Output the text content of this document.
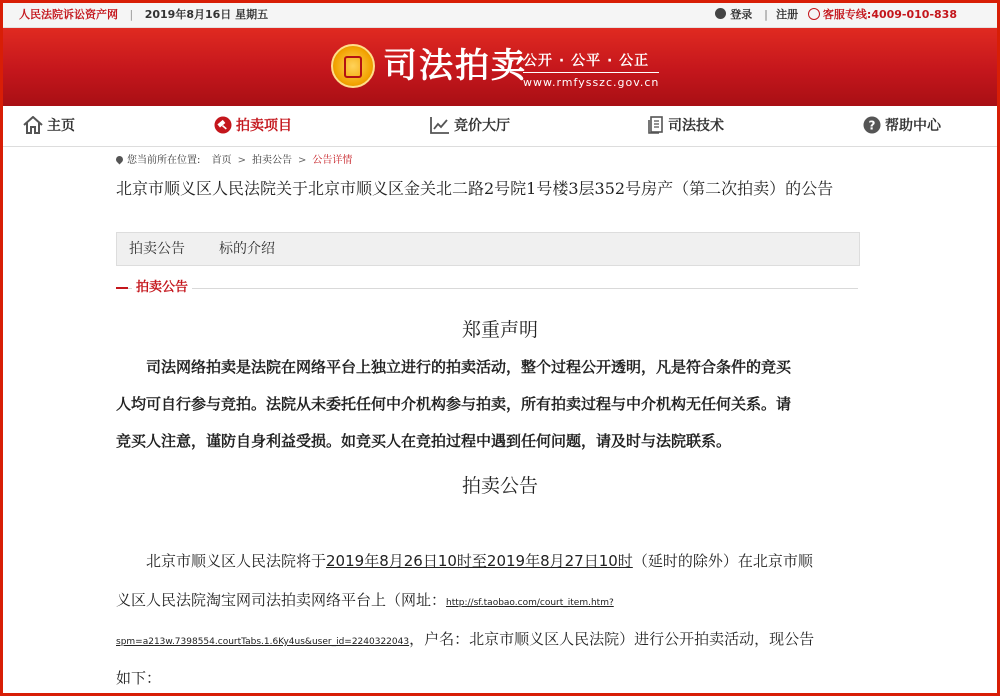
人民法院诉讼资产网 | 2019年8月16日 星期五	登录 | 注册 客服专线:4009-010-838
司法拍卖
公开 · 公平 · 公正
www.rmfysszc.gov.cn
主页	拍卖项目	竞价大厅	司法技术	? 帮助中心
您当前所在位置: 首页 > 拍卖公告 > 公告详情
北京市顺义区人民法院关于北京市顺义区金关北二路2号院1号楼3层352号房产（第二次拍卖）的公告
拍卖公告 标的介绍
拍卖公告
郑重声明
司法网络拍卖是法院在网络平台上独立进行的拍卖活动，整个过程公开透明，凡是符合条件的竞买
人均可自行参与竞拍。法院从未委托任何中介机构参与拍卖，所有拍卖过程与中介机构无任何关系。请
竞买人注意，谨防自身利益受损。如竞买人在竞拍过程中遇到任何问题，请及时与法院联系。
拍卖公告
北京市顺义区人民法院将于2019年8月26日10时至2019年8月27日10时（延时的除外）在北京市顺
义区人民法院淘宝网司法拍卖网络平台上（网址：http://sf.taobao.com/court_item.htm?
spm=a213w.7398554.courtTabs.1.6Ky4us&user_id=2240322043，户名：北京市顺义区人民法院）进行公开拍卖活动，现公告
如下：
